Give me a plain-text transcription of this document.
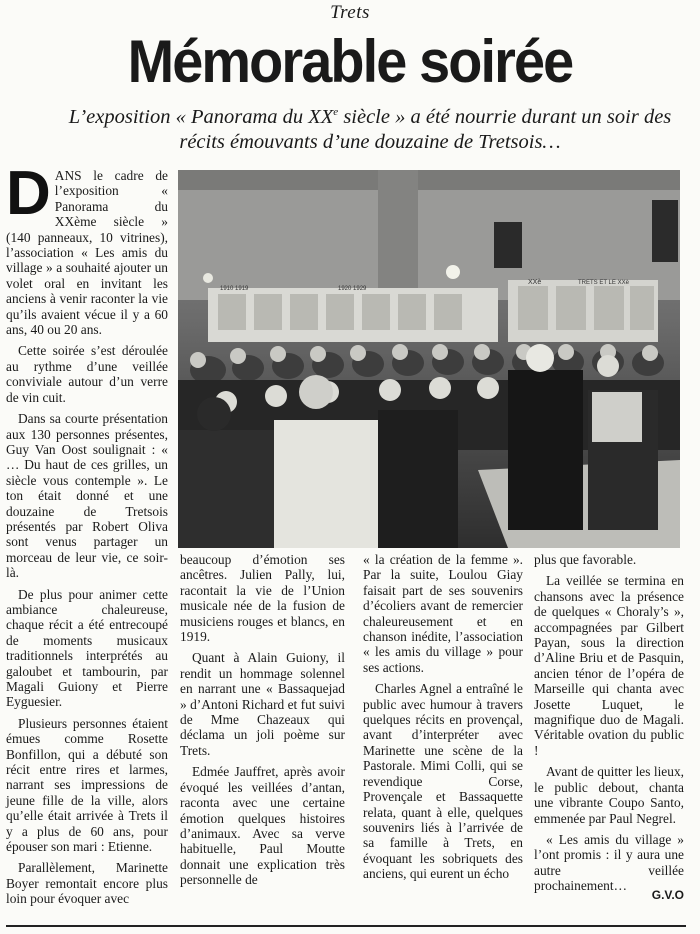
Trets
Mémorable soirée
L’exposition « Panorama du XXe siècle » a été nourrie durant un soir des récits émouvants d’une douzaine de Tretsois…

DANS le cadre de l’exposition « Panorama du XXème siècle » (140 panneaux, 10 vitrines), l’association « Les amis du village » a souhaité ajouter un volet oral en invitant les anciens à venir raconter la vie qu’ils avaient vécue il y a 60 ans, 40 ou 20 ans.

Cette soirée s’est déroulée au rythme d’une veillée conviviale autour d’un verre de vin cuit.

Dans sa courte présentation aux 130 personnes présentes, Guy Van Oost soulignait : « … Du haut de ces grilles, un siècle vous contemple ». Le ton était donné et une douzaine de Tretsois présentés par Robert Oliva sont venus partager un morceau de leur vie, ce soir-là.

De plus pour animer cette ambiance chaleureuse, chaque récit a été entrecoupé de moments musicaux traditionnels interprétés au galoubet et tambourin, par Magali Guiony et Pierre Eyguesier.

Plusieurs personnes étaient émues comme Rosette Bonfillon, qui a débuté son récit entre rires et larmes, narrant ses impressions de jeune fille de la ville, alors qu’elle était arrivée à Trets il y a plus de 60 ans, pour épouser son mari : Etienne.

Parallèlement, Marinette Boyer remontait encore plus loin pour évoquer avec

1910 1919	1920 1929
XXè	TRETS ET LE XXè

beaucoup d’émotion ses ancêtres. Julien Pally, lui, racontait la vie de l’Union musicale née de la fusion de musiciens rouges et blancs, en 1919.

Quant à Alain Guiony, il rendit un hommage solennel en narrant une « Bassaquejad » d’Antoni Richard et fut suivi de Mme Chazeaux qui déclama un joli poème sur Trets.

Edmée Jauffret, après avoir évoqué les veillées d’antan, raconta avec une certaine émotion quelques histoires d’animaux. Avec sa verve habituelle, Paul Moutte donnait une explication très personnelle de

« la création de la femme ». Par la suite, Loulou Giay faisait part de ses souvenirs d’écoliers avant de remercier chaleureusement et en chanson inédite, l’association « les amis du village » pour ses actions.

Charles Agnel a entraîné le public avec humour à travers quelques récits en provençal, avant d’interpréter avec Marinette une scène de la Pastorale. Mimi Colli, qui se revendique Corse, Provençale et Bassaquette relata, quant à elle, quelques souvenirs liés à l’arrivée de sa famille à Trets, en évoquant les sobriquets des anciens, qui eurent un écho

plus que favorable.

La veillée se termina en chansons avec la présence de quelques « Choraly’s », accompagnées par Gilbert Payan, sous la direction d’Aline Briu et de Pasquin, ancien ténor de l’opéra de Marseille qui chanta avec Josette Luquet, le magnifique duo de Magali. Véritable ovation du public !

Avant de quitter les lieux, le public debout, chanta une vibrante Coupo Santo, emmenée par Paul Negrel.

« Les amis du village » l’ont promis : il y aura une autre veillée prochainement…

G.V.O
